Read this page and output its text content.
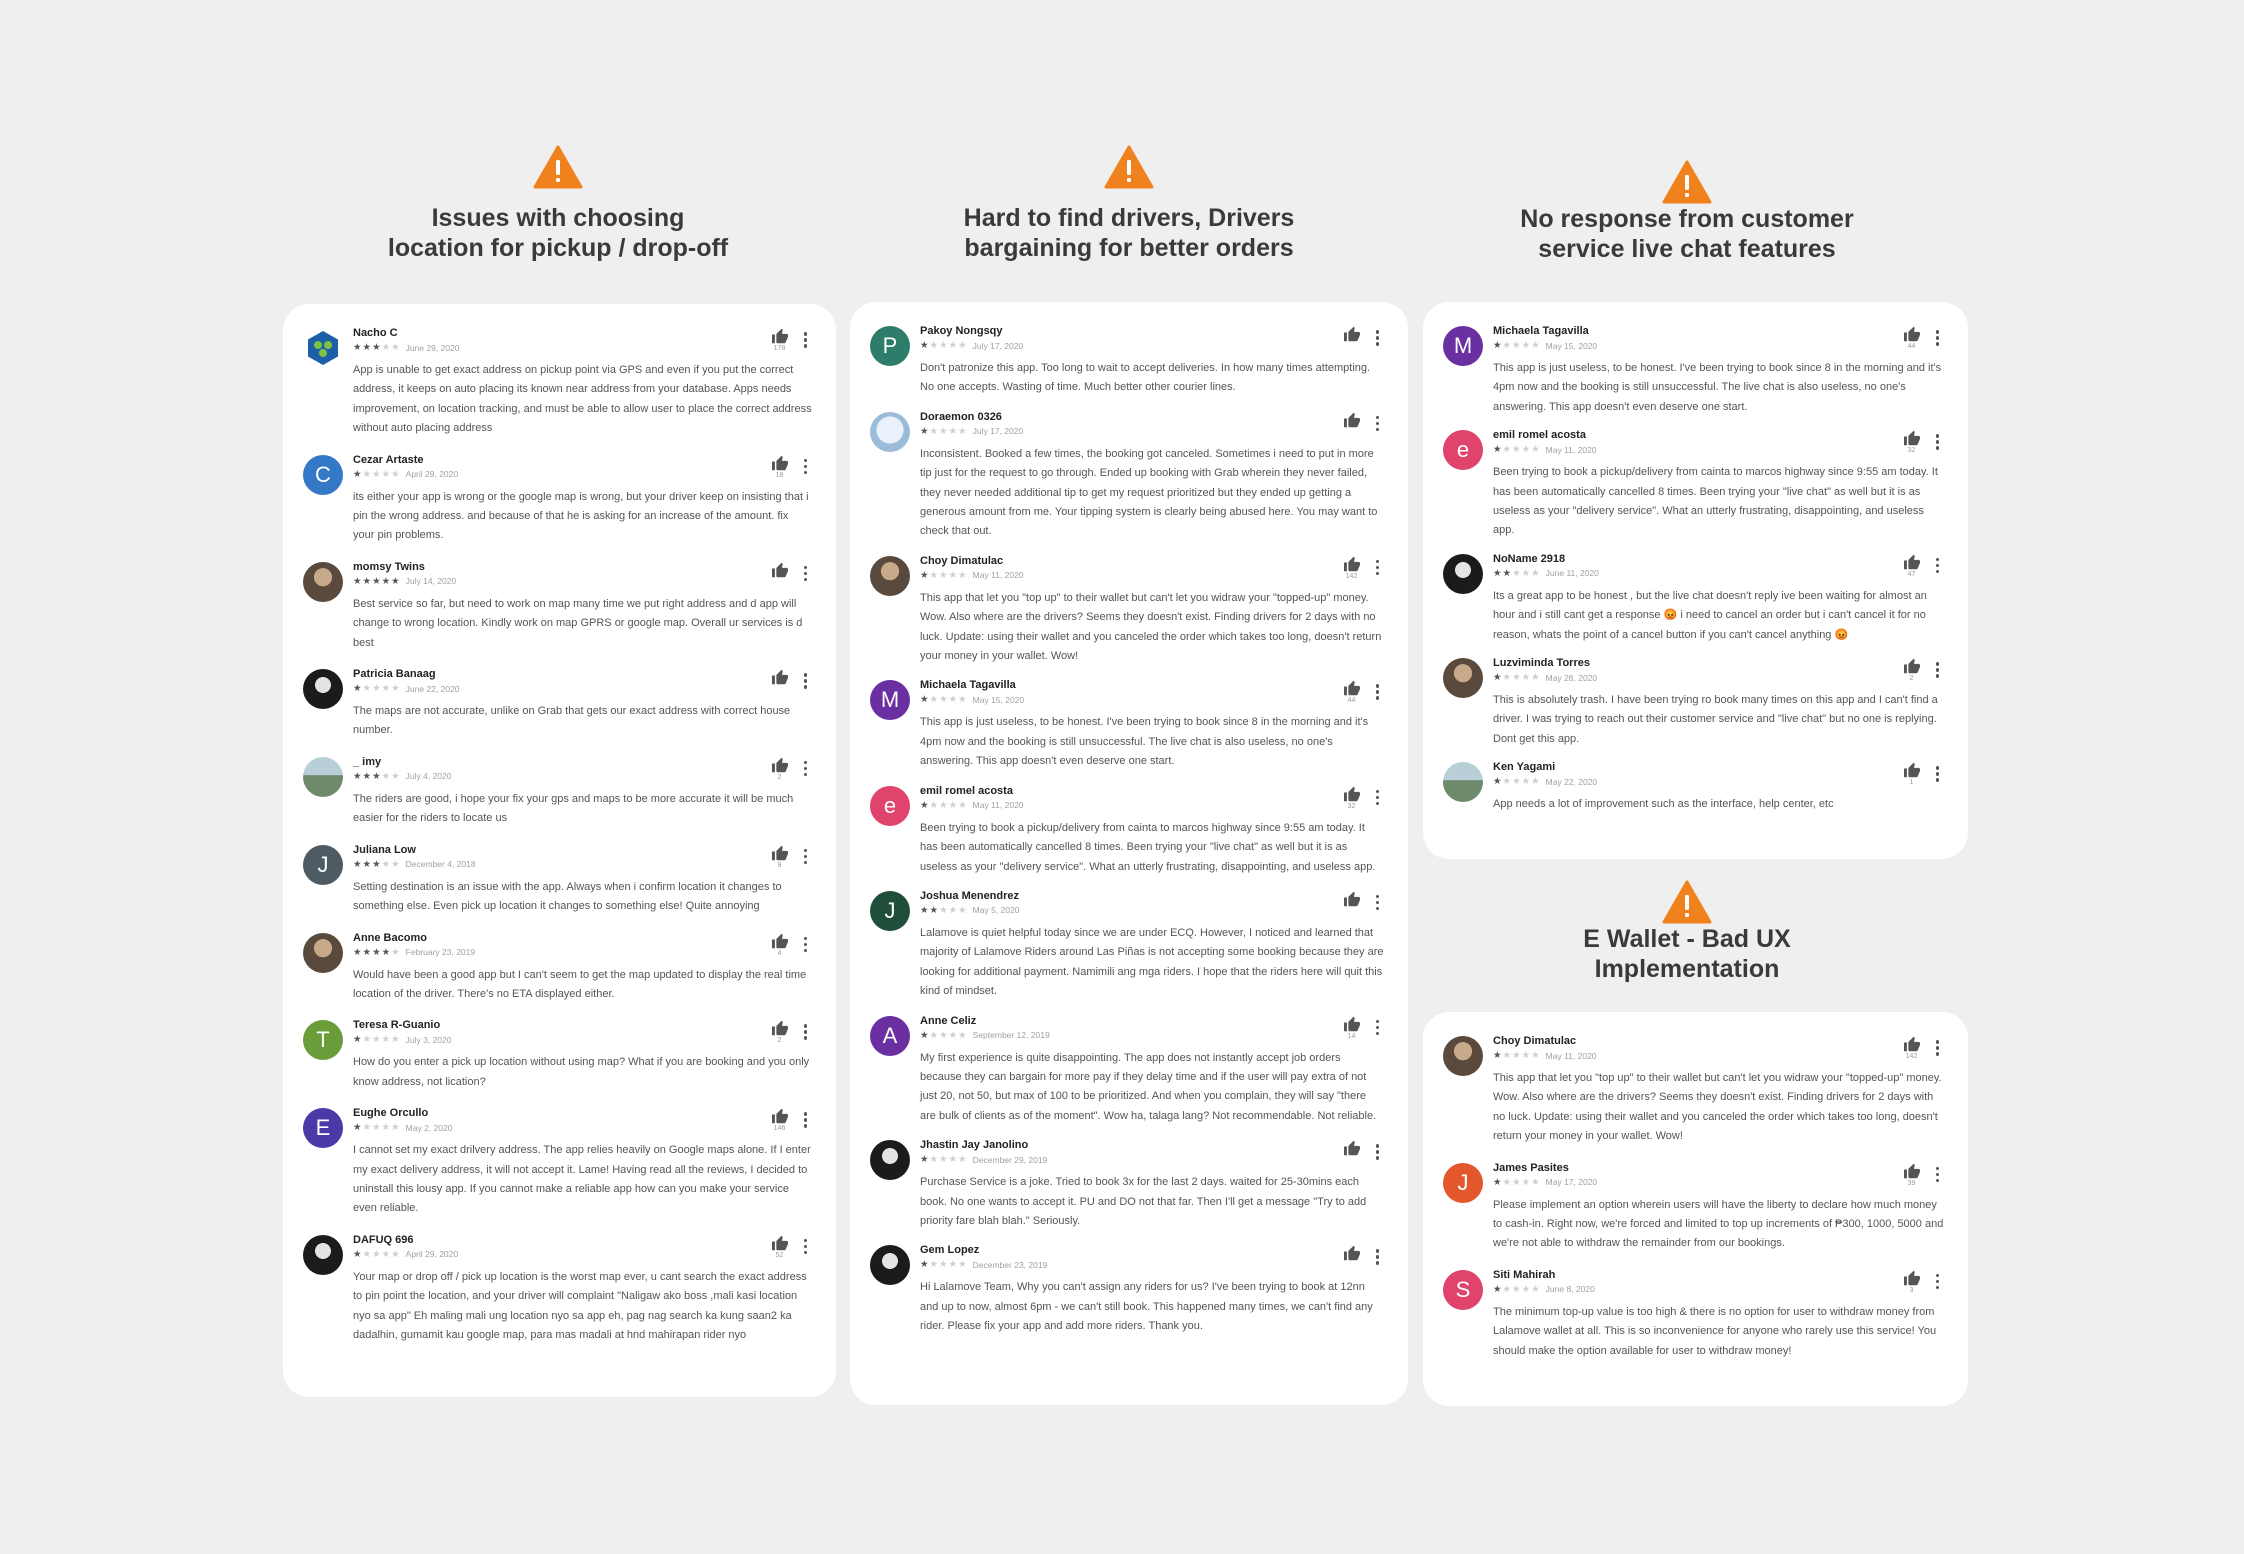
Issues with choosing
location for pickup / drop-off
Hard to find drivers, Drivers
bargaining for better orders
No response from customer
service live chat features
E Wallet - Bad UX
Implementation
Nacho C
★★★★★ June 29, 2020	178
App is unable to get exact address on pickup point via GPS and even if you put the correct address, it keeps on auto placing its known near address from your database. Apps needs improvement, on location tracking, and must be able to allow user to place the correct address without auto placing address
C
Cezar Artaste
★★★★★ April 29, 2020	18
its either your app is wrong or the google map is wrong, but your driver keep on insisting that i pin the wrong address. and because of that he is asking for an increase of the amount. fix your pin problems.
momsy Twins
★★★★★ July 14, 2020
Best service so far, but need to work on map many time we put right address and d app will change to wrong location. Kindly work on map GPRS or google map. Overall ur services is d best
Patricia Banaag
★★★★★ June 22, 2020
The maps are not accurate, unlike on Grab that gets our exact address with correct house number.
_ imy
★★★★★ July 4, 2020	2
The riders are good, i hope your fix your gps and maps to be more accurate it will be much easier for the riders to locate us
J
Juliana Low
★★★★★ December 4, 2018	9
Setting destination is an issue with the app. Always when i confirm location it changes to something else. Even pick up location it changes to something else! Quite annoying
Anne Bacomo
★★★★★ February 23, 2019	4
Would have been a good app but I can't seem to get the map updated to display the real time location of the driver. There's no ETA displayed either.
T
Teresa R-Guanio
★★★★★ July 3, 2020	2
How do you enter a pick up location without using map? What if you are booking and you only know address, not lication?
E
Eughe Orcullo
★★★★★ May 2, 2020	146
I cannot set my exact drilvery address. The app relies heavily on Google maps alone. If I enter my exact delivery address, it will not accept it. Lame! Having read all the reviews, I decided to uninstall this lousy app. If you cannot make a reliable app how can you make your service even reliable.
DAFUQ 696
★★★★★ April 29, 2020	52
Your map or drop off / pick up location is the worst map ever, u cant search the exact address to pin point the location, and your driver will complaint "Naligaw ako boss ,mali kasi location nyo sa app" Eh maling mali ung location nyo sa app eh, pag nag search ka kung saan2 ka dadalhin, gumamit kau google map, para mas madali at hnd mahirapan rider nyo
P
Pakoy Nongsqy
★★★★★ July 17, 2020
Don't patronize this app. Too long to wait to accept deliveries. In how many times attempting. No one accepts. Wasting of time. Much better other courier lines.
Doraemon 0326
★★★★★ July 17, 2020
Inconsistent. Booked a few times, the booking got canceled. Sometimes i need to put in more tip just for the request to go through. Ended up booking with Grab wherein they never failed, they never needed additional tip to get my request prioritized but they ended up getting a generous amount from me. Your tipping system is clearly being abused here. You may want to check that out.
Choy Dimatulac
★★★★★ May 11, 2020	142
This app that let you "top up" to their wallet but can't let you widraw your "topped-up" money. Wow. Also where are the drivers? Seems they doesn't exist. Finding drivers for 2 days with no luck. Update: using their wallet and you canceled the order which takes too long, doesn't return your money in your wallet. Wow!
M
Michaela Tagavilla
★★★★★ May 15, 2020	44
This app is just useless, to be honest. I've been trying to book since 8 in the morning and it's 4pm now and the booking is still unsuccessful. The live chat is also useless, no one's answering. This app doesn't even deserve one start.
e
emil romel acosta
★★★★★ May 11, 2020	32
Been trying to book a pickup/delivery from cainta to marcos highway since 9:55 am today. It has been automatically cancelled 8 times. Been trying your "live chat" as well but it is as useless as your "delivery service". What an utterly frustrating, disappointing, and useless app.
J
Joshua Menendrez
★★★★★ May 5, 2020
Lalamove is quiet helpful today since we are under ECQ. However, I noticed and learned that majority of Lalamove Riders around Las Piñas is not accepting some booking because they are looking for additional payment. Namimili ang mga riders. I hope that the riders here will quit this kind of mindset.
A
Anne Celiz
★★★★★ September 12, 2019	14
My first experience is quite disappointing. The app does not instantly accept job orders because they can bargain for more pay if they delay time and if the user will pay extra of not just 20, not 50, but max of 100 to be prioritized. And when you complain, they will say "there are bulk of clients as of the moment". Wow ha, talaga lang? Not recommendable. Not reliable.
Jhastin Jay Janolino
★★★★★ December 29, 2019
Purchase Service is a joke. Tried to book 3x for the last 2 days. waited for 25-30mins each book. No one wants to accept it. PU and DO not that far. Then I'll get a message "Try to add priority fare blah blah." Seriously.
Gem Lopez
★★★★★ December 23, 2019
Hi Lalamove Team, Why you can't assign any riders for us? I've been trying to book at 12nn and up to now, almost 6pm - we can't still book. This happened many times, we can't find any rider. Please fix your app and add more riders. Thank you.
M
Michaela Tagavilla
★★★★★ May 15, 2020	44
This app is just useless, to be honest. I've been trying to book since 8 in the morning and it's 4pm now and the booking is still unsuccessful. The live chat is also useless, no one's answering. This app doesn't even deserve one start.
e
emil romel acosta
★★★★★ May 11, 2020	32
Been trying to book a pickup/delivery from cainta to marcos highway since 9:55 am today. It has been automatically cancelled 8 times. Been trying your "live chat" as well but it is as useless as your "delivery service". What an utterly frustrating, disappointing, and useless app.
NoName 2918
★★★★★ June 11, 2020	47
Its a great app to be honest , but the live chat doesn't reply ive been waiting for almost an hour and i still cant get a response 😡 i need to cancel an order but i can't cancel it for no reason, whats the point of a cancel button if you can't cancel anything 😡
Luzviminda Torres
★★★★★ May 28, 2020	2
This is absolutely trash. I have been trying ro book many times on this app and I can't find a driver. I was trying to reach out their customer service and "live chat" but no one is replying. Dont get this app.
Ken Yagami
★★★★★ May 22, 2020	1
App needs a lot of improvement such as the interface, help center, etc
Choy Dimatulac
★★★★★ May 11, 2020	142
This app that let you "top up" to their wallet but can't let you widraw your "topped-up" money. Wow. Also where are the drivers? Seems they doesn't exist. Finding drivers for 2 days with no luck. Update: using their wallet and you canceled the order which takes too long, doesn't return your money in your wallet. Wow!
J
James Pasites
★★★★★ May 17, 2020	39
Please implement an option wherein users will have the liberty to declare how much money to cash-in. Right now, we're forced and limited to top up increments of ₱300, 1000, 5000 and we're not able to withdraw the remainder from our bookings.
S
Siti Mahirah
★★★★★ June 8, 2020	3
The minimum top-up value is too high & there is no option for user to withdraw money from Lalamove wallet at all. This is so inconvenience for anyone who rarely use this service! You should make the option available for user to withdraw money!
